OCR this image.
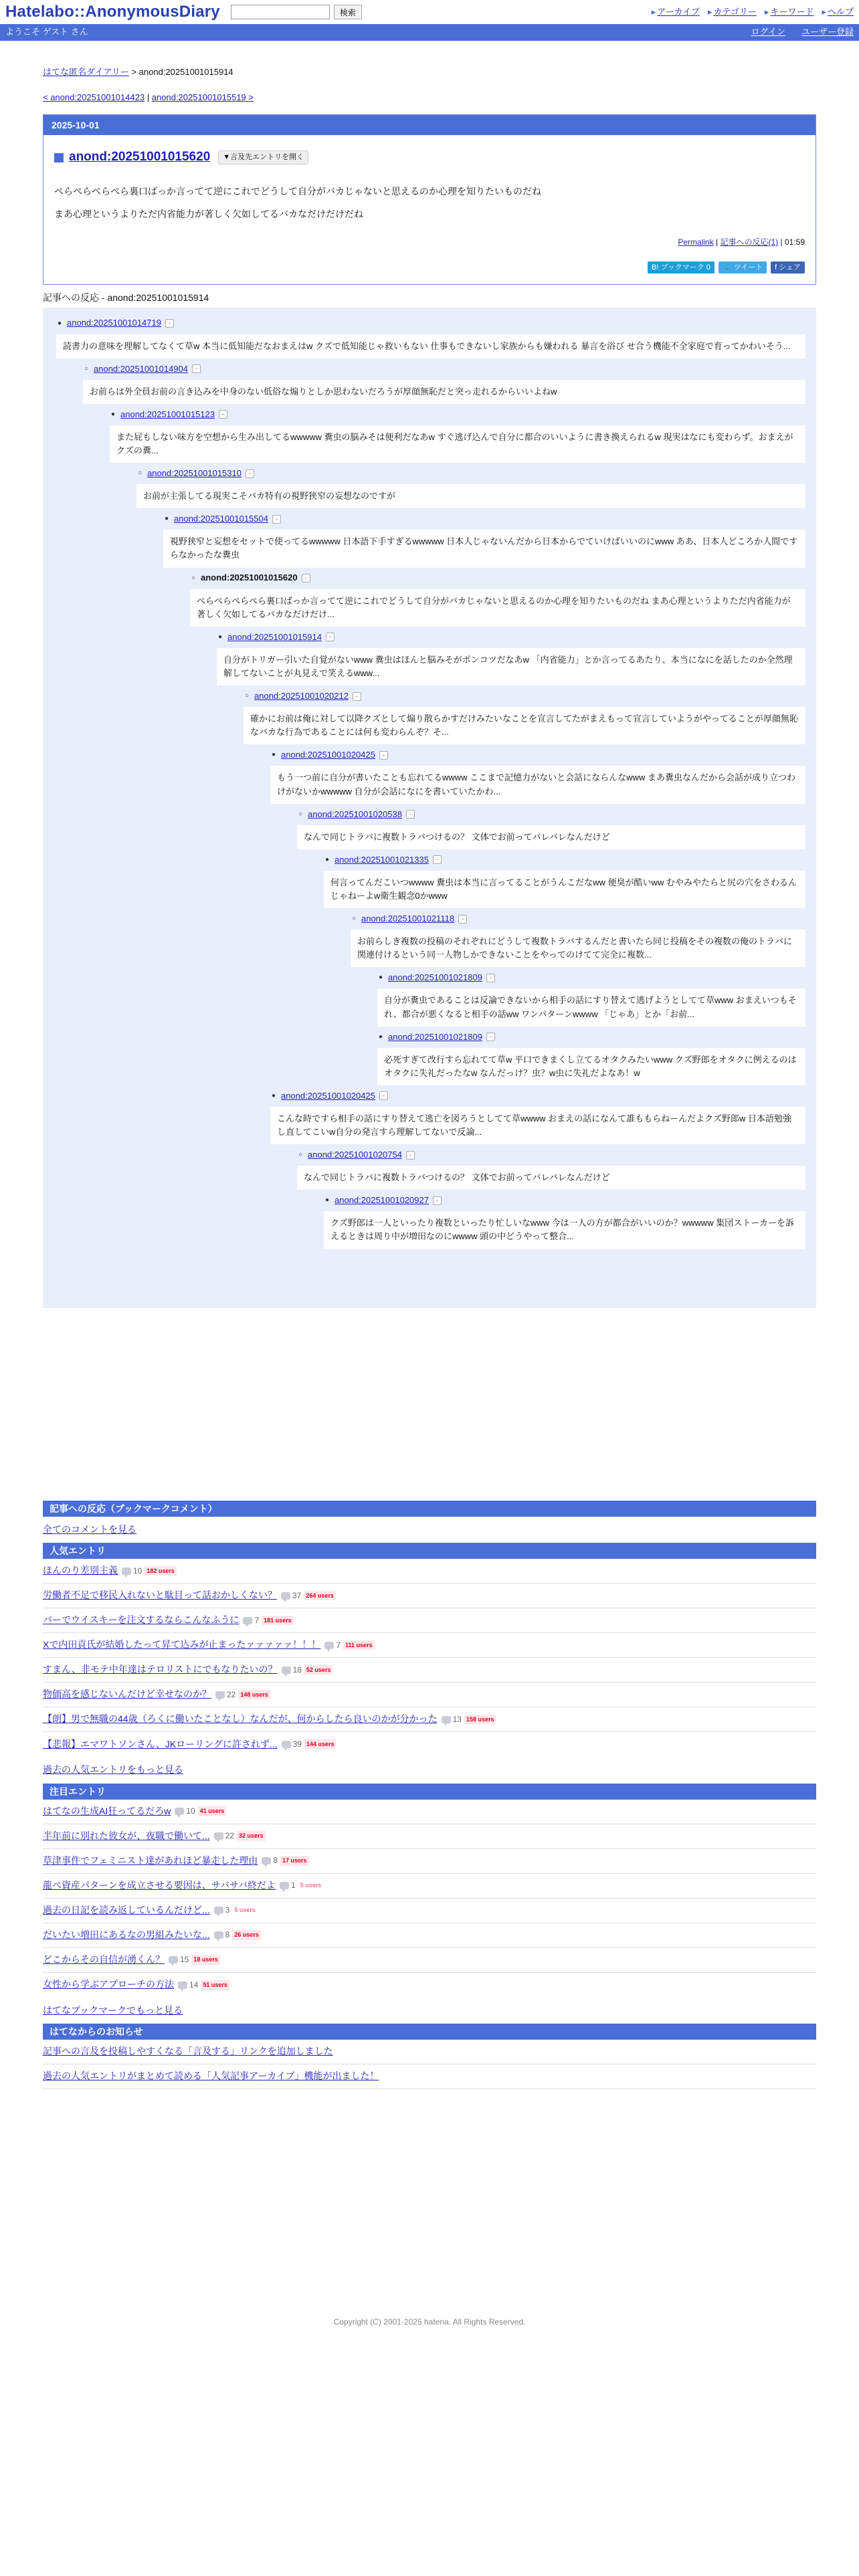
Hatelabo::AnonymousDiary	検索	▸ アーカイブ	▸ カテゴリー	▸ キーワード	▸ ヘルプ
ようこそ ゲスト さん	ログイン ユーザー登録
はてな匿名ダイアリー > anond:20251001015914
< anond:20251001014423 | anond:20251001015519 >
2025-10-01
anond:20251001015620	▼言及先エントリを開く

ぺらぺらぺらぺら裏口ばっか言ってて逆にこれでどうして自分がバカじゃないと思えるのか心理を知りたいものだね

まあ心理というよりただ内省能力が著しく欠如してるバカなだけだけだね

Permalink | 記事への反応(1) | 01:59
B! ブックマーク 0	🐦 ツイート	f シェア
記事への反応 - anond:20251001015914
● anond:20251001014719	-
読書力の意味を理解してなくて草w 本当に低知能だなおまえはw クズで低知能じゃ救いもない 仕事もできないし家族からも嫌われる 暴言を浴び せ合う機能不全家庭で育ってかわいそう...
○ anond:20251001014904	-
お前らは外全員お前の言き込みを中身のない低俗な煽りとしか思わないだろうが厚顔無恥だと突っ走れるからいいよねw
● anond:20251001015123	-
また屁もしない味方を空想から生み出してるwwwww 糞虫の脳みそは便利だなあw すぐ逃げ込んで自分に都合のいいように書き換えられるw 現実はなにも変わらず。おまえがクズの糞...
○ anond:20251001015310	-
お前が主張してる現実こそバカ特有の視野狭窄の妄想なのですが
● anond:20251001015504	-
視野狭窄と妄想をセットで使ってるwwwww 日本語下手すぎるwwwww 日本人じゃないんだから日本からでていけばいいのにwww ああ、日本人どころか人間ですらなかったな糞虫
○ anond:20251001015620	-
ぺらぺらぺらぺら裏口ばっか言ってて逆にこれでどうして自分がバカじゃないと思えるのか心理を知りたいものだね まあ心理というよりただ内省能力が著しく欠如してるバカなだけだけ...
● anond:20251001015914	-
自分がトリガー引いた自覚がないwww 糞虫はほんと脳みそがポンコツだなあw 「内省能力」とか言ってるあたり、本当になにを話したのか全然理解してないことが丸見えで笑えるwww...
○ anond:20251001020212	-
確かにお前は俺に対して以降クズとして煽り散らかすだけみたいなことを宣言してたがまえもって宣言していようがやってることが厚顔無恥なバカな行為であることには何も変わらんぞ？そ...
● anond:20251001020425	-
もう一つ前に自分が書いたことも忘れてるwwww ここまで記憶力がないと会話にならんなwww まあ糞虫なんだから会話が成り立つわけがないかwwwww 自分が会話になにを書いていたかわ...
○ anond:20251001020538	-
なんで同じトラバに複数トラバつけるの？ 文体でお前ってバレバレなんだけど
● anond:20251001021335	-
何言ってんだこいつwwww 糞虫は本当に言ってることがうんこだなww 便臭が酷いww むやみやたらと尻の穴をさわるんじゃねーよw衛生観念0かwww
○ anond:20251001021118	-
お前らしき複数の投稿のそれぞれにどうして複数トラバするんだと書いたら同じ投稿をその複数の俺のトラバに関連付けるという同一人物しかできないことをやってのけてて完全に複数...
● anond:20251001021809	-
自分が糞虫であることは反論できないから相手の話にすり替えて逃げようとしてて草www おまえいつもそれ、都合が悪くなると相手の話ww ワンパターンwwww 「じゃあ」とか「お前...
● anond:20251001021809	-
必死すぎて改行すら忘れてて草w 平口できまくし立てるオタクみたいwww クズ野郎をオタクに例えるのはオタクに失礼だったなw なんだっけ？虫？w虫に失礼だよなあ！w
● anond:20251001020425	-
こんな時ですら相手の話にすり替えて逃亡を図ろうとしてて草wwww おまえの話になんて誰ももらねーんだよクズ野郎w 日本語勉強し直してこいw自分の発言すら理解してないで反論...
○ anond:20251001020754	-
なんで同じトラバに複数トラバつけるの？ 文体でお前ってバレバレなんだけど
● anond:20251001020927	-
クズ野郎は一人といったり複数といったり忙しいなwww 今は一人の方が都合がいいのか？wwwww 集団ストーカーを訴えるときは周り中が増田なのにwwww 頭の中どうやって整合...
記事への反応（ブックマークコメント）
全てのコメントを見る
人気エントリ
ほんのり差別主義 10 182 users
労働者不足で移民入れないと駄目って話おかしくない？ 37 264 users
バーでウイスキーを注文するならこんなふうに 7 181 users
Xで内田貢氏が結婚したって昇て込みが止まったァァァァァ！！！ 7 111 users
すまん、非モテ中年達はテロリストにでもなりたいの？ 18 52 users
物価高を感じないんだけど幸せなのか？ 22 148 users
【朗】男で無職の44歳（ろくに働いたことなし）なんだが、何からしたら良いのかが分かった 13 158 users
【悲報】エマワトソンさん、JKローリングに許されず... 39 144 users
過去の人気エントリをもっと見る
注目エントリ
はてなの生成AI狂ってるだろw 10 41 users
半年前に別れた彼女が、夜職で働いて... 22 32 users
草津事件でフェミニスト達があれほど暴走した理由 8 17 users
龍べ資産パターンを成立させる要因は、サバサバ終だよ 1 5 users
過去の日記を読み返しているんだけど... 3 5 users
だいたい増田にあるなの男組みたいな... 8 26 users
どこからその自信が湧くん？ 15 18 users
女性から学ぶアプローチの方法 14 51 users
はてなブックマークでもっと見る
はてなからのお知らせ
記事への言及を投稿しやすくなる「言及する」リンクを追加しました
過去の人気エントリがまとめて読める「人気記事アーカイブ」機能が出ました！
Copyright (C) 2001-2025 hatena. All Rights Reserved.
